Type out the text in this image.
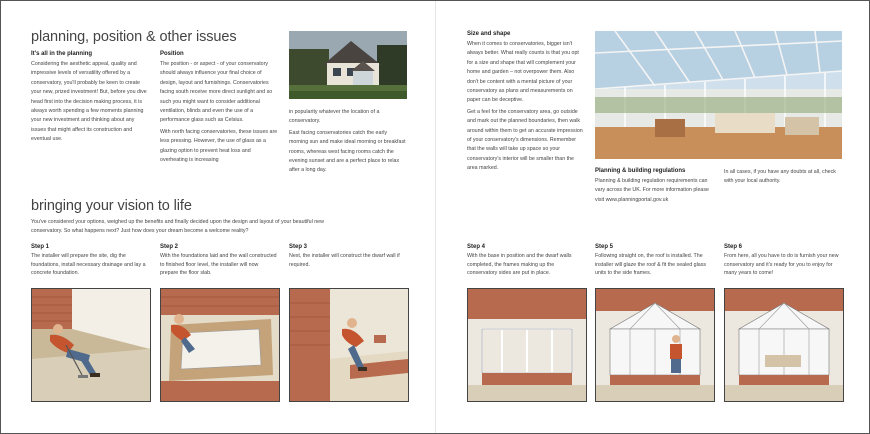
planning, position & other issues
It's all in the planning
Considering the aesthetic appeal, quality and impressive levels of versatility offered by a conservatory, you'll probably be keen to create your new, prized investment! But, before you dive head first into the decision making process, it is always worth spending a few moments planning your new investment and thinking about any issues that might affect its construction and eventual use.
Position
The position - or aspect - of your conservatory should always influence your final choice of design, layout and furnishings. Conservatories facing south receive more direct sunlight and so such you might want to consider additional ventilation, blinds and even the use of a performance glass such as Celsius.
With north facing conservatories, these issues are less pressing. However, the use of glass as a glazing option to prevent heat loss and overheating is increasing
in popularity whatever the location of a conservatory.
East facing conservatories catch the early morning sun and make ideal morning or breakfast rooms, whereas west facing rooms catch the evening sunset and are a perfect place to relax after a long day.
Size and shape
When it comes to conservatories, bigger isn't always better. What really counts is that you opt for a size and shape that will complement your home and garden – not overpower them. Also don't be content with a mental picture of your conservatory as plans and measurements on paper can be deceptive.
Get a feel for the conservatory area, go outside and mark out the planned boundaries, then walk around within them to get an accurate impression of your conservatory's dimensions. Remember that the walls will take up space so your conservatory's interior will be smaller than the area marked.	Planning & building regulations
Planning & building regulation requirements can vary across the UK. For more information please visit www.planningportal.gov.uk
In all cases, if you have any doubts at all, check with your local authority.
bringing your vision to life
You've considered your options, weighed up the benefits and finally decided upon the design and layout of your beautiful new conservatory. So what happens next? Just how does your dream become a welcome reality?
Step 1
The installer will prepare the site, dig the foundations, install necessary drainage and lay a concrete foundation.
Step 2
With the foundations laid and the wall constructed to finished floor level, the installer will now prepare the floor slab.
Step 3
Next, the installer will construct the dwarf wall if required.
Step 4
With the base in position and the dwarf walls completed, the frames making up the conservatory sides are put in place.
Step 5
Following straight on, the roof is installed. The installer will glaze the roof & fit the sealed glass units to the side frames.
Step 6
From here, all you have to do is furnish your new conservatory and it's ready for you to enjoy for many years to come!
